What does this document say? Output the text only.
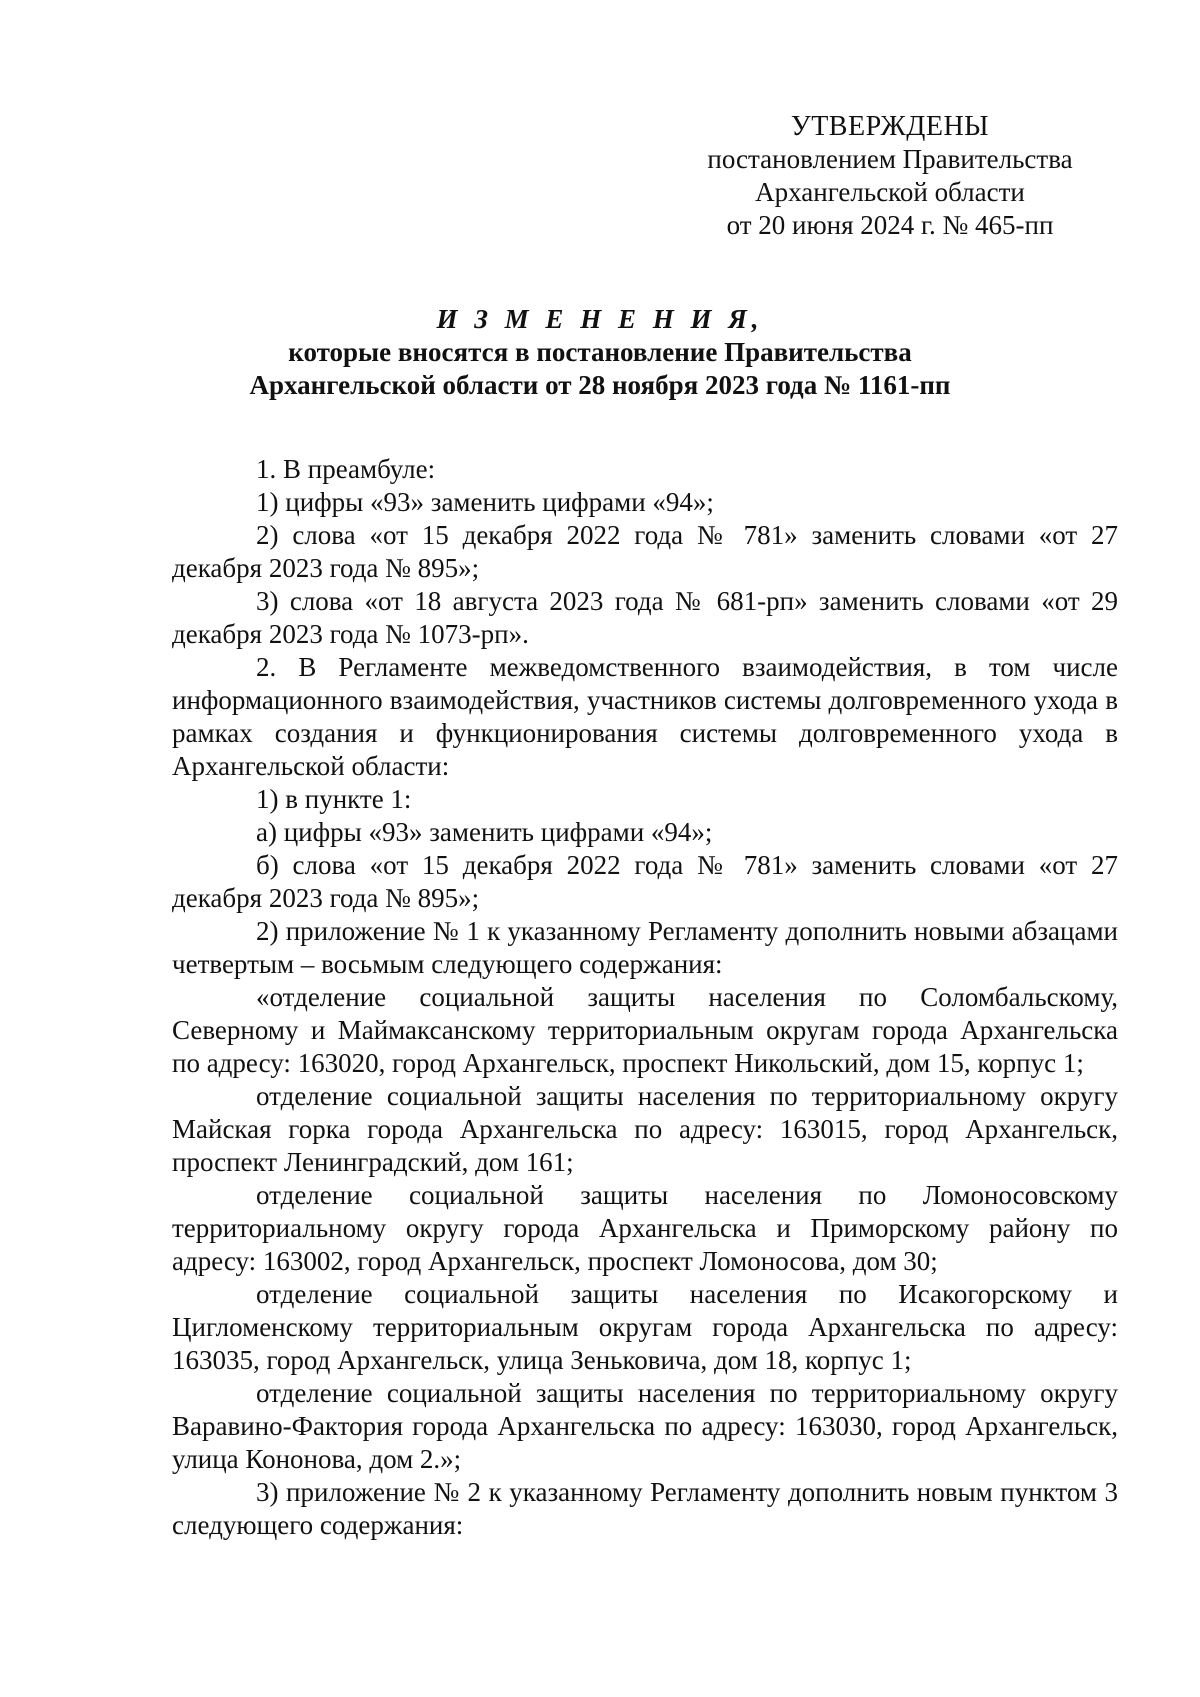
УТВЕРЖДЕНЫ
постановлением Правительства
Архангельской области
от 20 июня 2024 г. № 465-пп
И З М Е Н Е Н И Я,
которые вносятся в постановление Правительства
Архангельской области от 28 ноября 2023 года № 1161-пп

1. В преамбуле:

1) цифры «93» заменить цифрами «94»;

2) слова «от 15 декабря 2022 года № 781» заменить словами «от 27 декабря 2023 года № 895»;

3) слова «от 18 августа 2023 года № 681-рп» заменить словами «от 29 декабря 2023 года № 1073-рп».

2. В Регламенте межведомственного взаимодействия, в том числе информационного взаимодействия, участников системы долговременного ухода в рамках создания и функционирования системы долговременного ухода в Архангельской области:

1) в пункте 1:

а) цифры «93» заменить цифрами «94»;

б) слова «от 15 декабря 2022 года № 781» заменить словами «от 27 декабря 2023 года № 895»;

2) приложение № 1 к указанному Регламенту дополнить новыми абзацами четвертым – восьмым следующего содержания:

«отделение социальной защиты населения по Соломбальскому, Северному и Маймаксанскому территориальным округам города Архангельска по адресу: 163020, город Архангельск, проспект Никольский, дом 15, корпус 1;

отделение социальной защиты населения по территориальному округу Майская горка города Архангельска по адресу: 163015, город Архангельск, проспект Ленинградский, дом 161;

отделение социальной защиты населения по Ломоносовскому территориальному округу города Архангельска и Приморскому району по адресу: 163002, город Архангельск, проспект Ломоносова, дом 30;

отделение социальной защиты населения по Исакогорскому и Цигломенскому территориальным округам города Архангельска по адресу: 163035, город Архангельск, улица Зеньковича, дом 18, корпус 1;

отделение социальной защиты населения по территориальному округу Варавино-Фактория города Архангельска по адресу: 163030, город Архангельск, улица Кононова, дом 2.»;

3) приложение № 2 к указанному Регламенту дополнить новым пунктом 3 следующего содержания:
